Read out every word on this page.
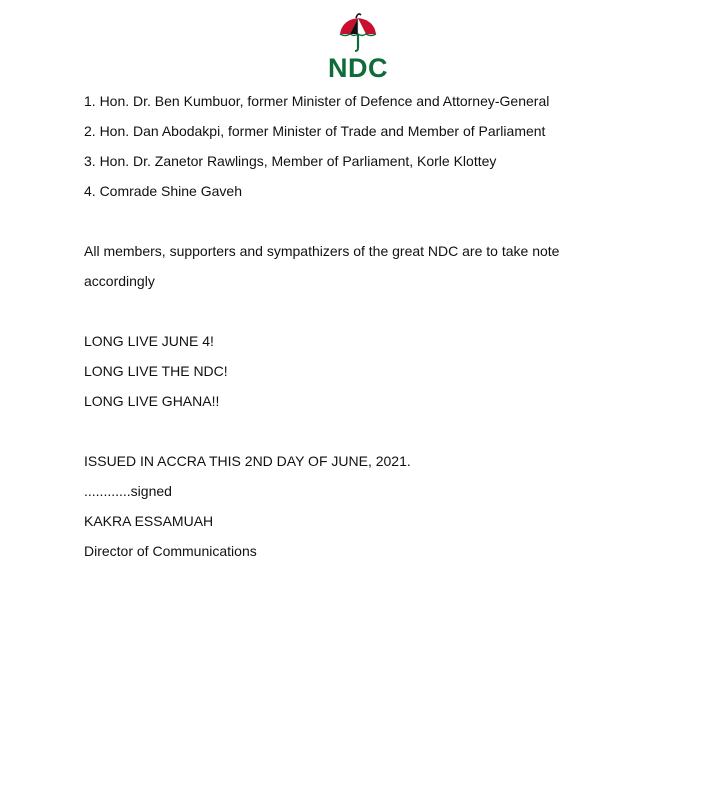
NDC
1. Hon. Dr. Ben Kumbuor, former Minister of Defence and Attorney-General
2. Hon. Dan Abodakpi, former Minister of Trade and Member of Parliament
3. Hon. Dr. Zanetor Rawlings, Member of Parliament, Korle Klottey
4. Comrade Shine Gaveh
All members, supporters and sympathizers of the great NDC are to take note
accordingly
LONG LIVE JUNE 4!
LONG LIVE THE NDC!
LONG LIVE GHANA!!
ISSUED IN ACCRA THIS 2ND DAY OF JUNE, 2021.
............signed
KAKRA ESSAMUAH
Director of Communications
